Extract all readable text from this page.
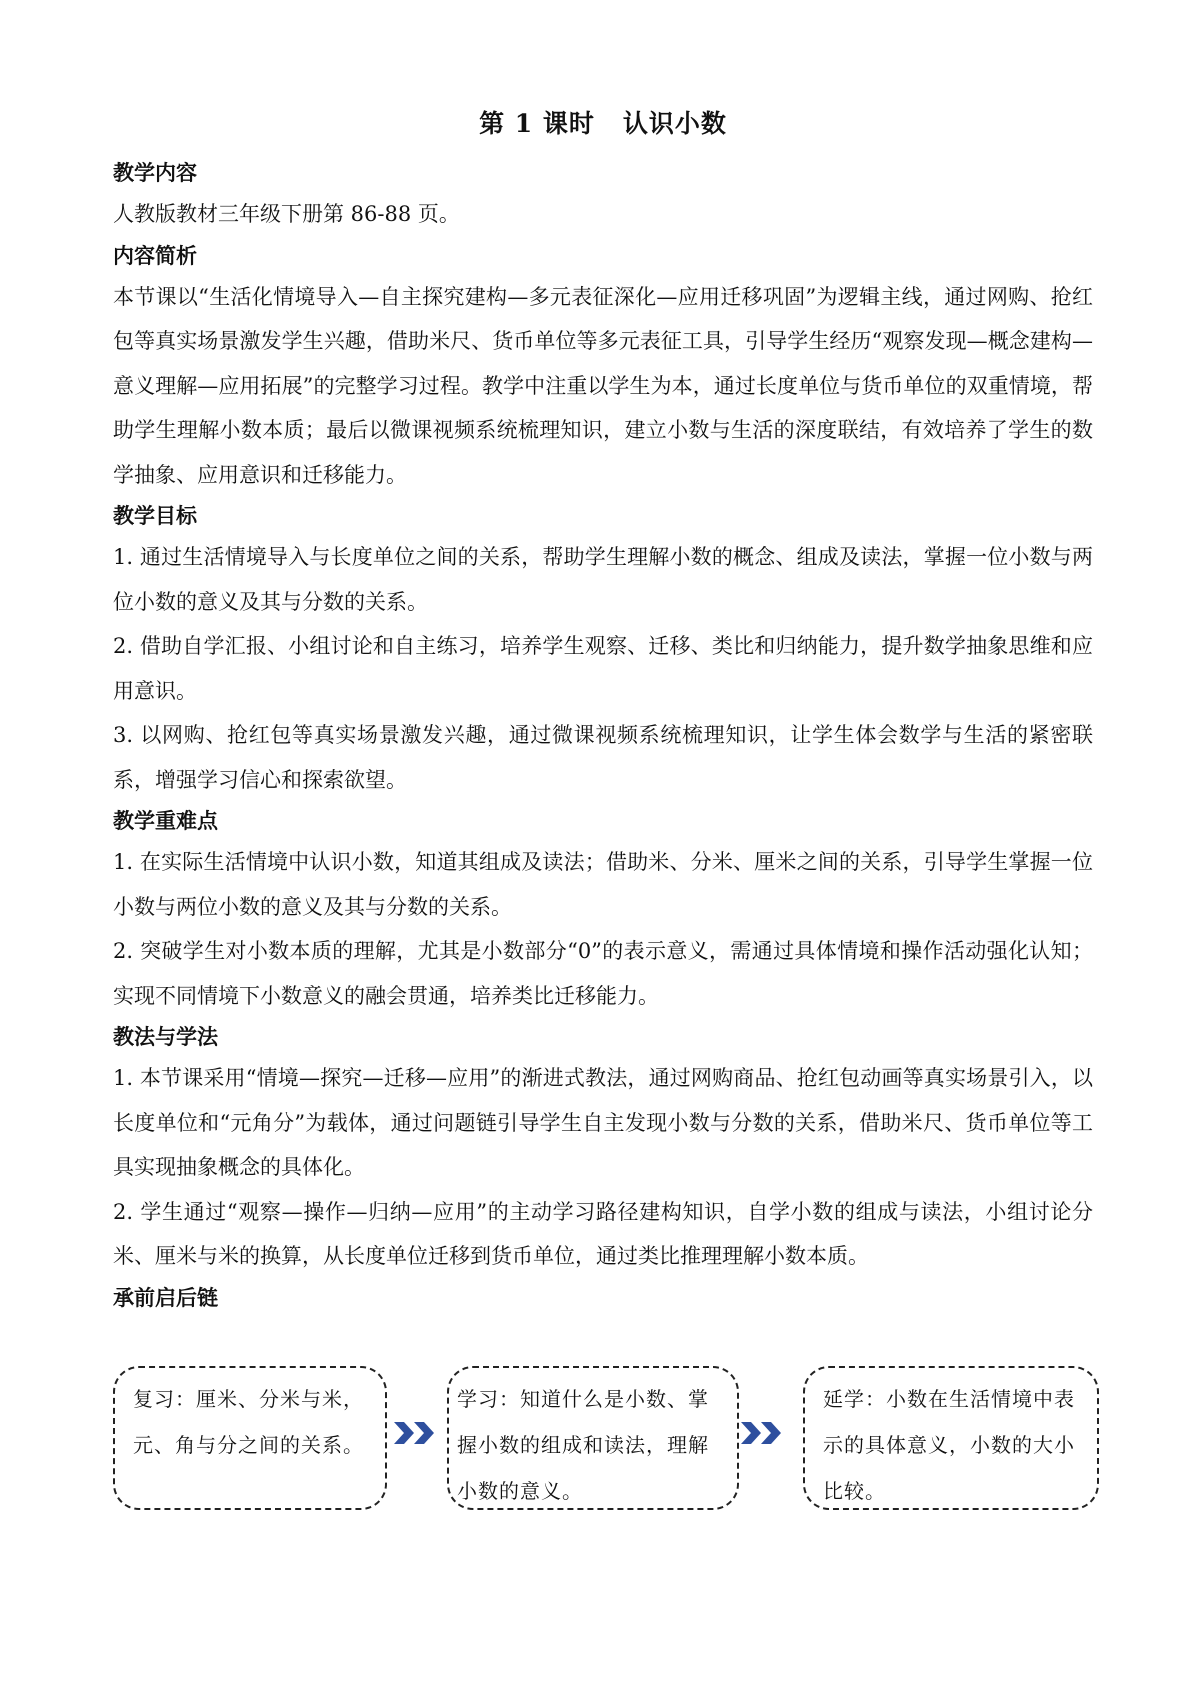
第 1 课时 认识小数
教学内容

人教版教材三年级下册第 86-88 页。

内容简析

本节课以“生活化情境导入—自主探究建构—多元表征深化—应用迁移巩固”为逻辑主线，通过网购、抢红包等真实场景激发学生兴趣，借助米尺、货币单位等多元表征工具，引导学生经历“观察发现—概念建构—意义理解—应用拓展”的完整学习过程。教学中注重以学生为本，通过长度单位与货币单位的双重情境，帮助学生理解小数本质；最后以微课视频系统梳理知识，建立小数与生活的深度联结，有效培养了学生的数学抽象、应用意识和迁移能力。

教学目标

1. 通过生活情境导入与长度单位之间的关系，帮助学生理解小数的概念、组成及读法，掌握一位小数与两位小数的意义及其与分数的关系。

2. 借助自学汇报、小组讨论和自主练习，培养学生观察、迁移、类比和归纳能力，提升数学抽象思维和应用意识。

3. 以网购、抢红包等真实场景激发兴趣，通过微课视频系统梳理知识，让学生体会数学与生活的紧密联系，增强学习信心和探索欲望。

教学重难点

1. 在实际生活情境中认识小数，知道其组成及读法；借助米、分米、厘米之间的关系，引导学生掌握一位小数与两位小数的意义及其与分数的关系。

2. 突破学生对小数本质的理解，尤其是小数部分“0”的表示意义，需通过具体情境和操作活动强化认知；实现不同情境下小数意义的融会贯通，培养类比迁移能力。

教法与学法

1. 本节课采用“情境—探究—迁移—应用”的渐进式教法，通过网购商品、抢红包动画等真实场景引入，以长度单位和“元角分”为载体，通过问题链引导学生自主发现小数与分数的关系，借助米尺、货币单位等工具实现抽象概念的具体化。

2. 学生通过“观察—操作—归纳—应用”的主动学习路径建构知识，自学小数的组成与读法，小组讨论分米、厘米与米的换算，从长度单位迁移到货币单位，通过类比推理理解小数本质。

承前启后链
复习：厘米、分米与米，元、角与分之间的关系。
学习：知道什么是小数、掌握小数的组成和读法，理解小数的意义。
延学：小数在生活情境中表示的具体意义，小数的大小比较。
